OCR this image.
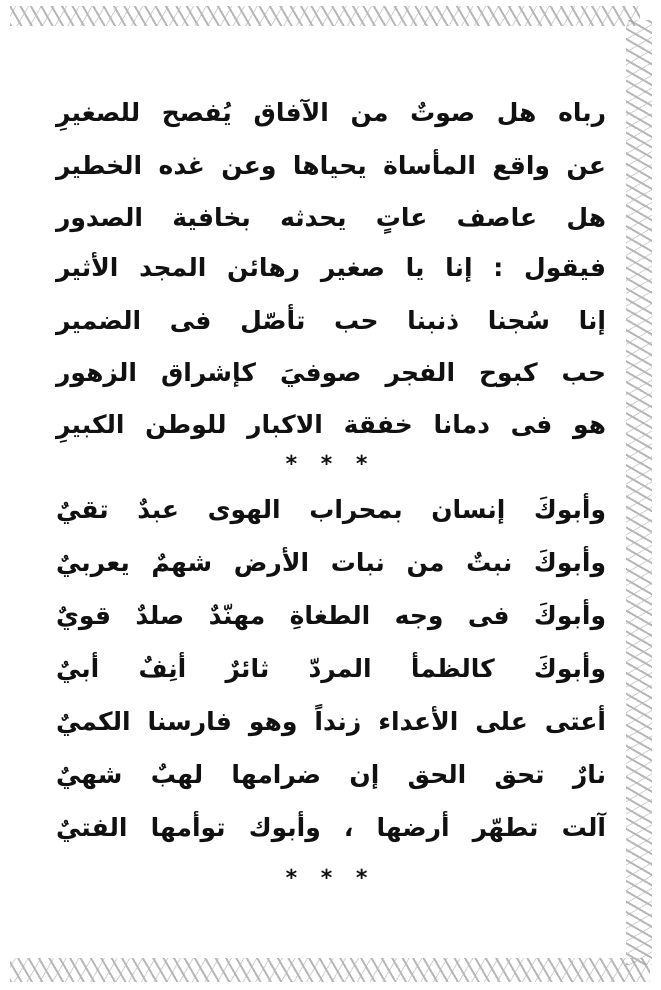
رباه هل صوتٌ من الآفاق يُفصح للصغيرِ
عن واقع المأساة يحياها وعن غده الخطير
هل عاصف عاتٍ يحدثه بخافية الصدور
فيقول : إنا يا صغير رهائن المجد الأثير
إنا سُجنا ذنبنا حب تأصّل فى الضمير
حب كبوح الفجر صوفيَ كإشراق الزهور
هو فى دمانا خفقة الاكبار للوطن الكبيرِ
* * *
وأبوكَ إنسان بمحراب الهوى عبدٌ تقيٌ
وأبوكَ نبتٌ من نبات الأرض شهمٌ يعربيٌ
وأبوكَ فى وجه الطغاةِ مهنّدٌ صلدٌ قويٌ
وأبوكَ كالظمأ المردّ ثائرٌ أنِفٌ أبيٌ
أعتى على الأعداء زنداً وهو فارسنا الكميٌ
نارٌ تحق الحق إن ضرامها لهبٌ شهيٌ
آلت تطهّر أرضها ، وأبوك توأمها الفتيٌ
* * *
